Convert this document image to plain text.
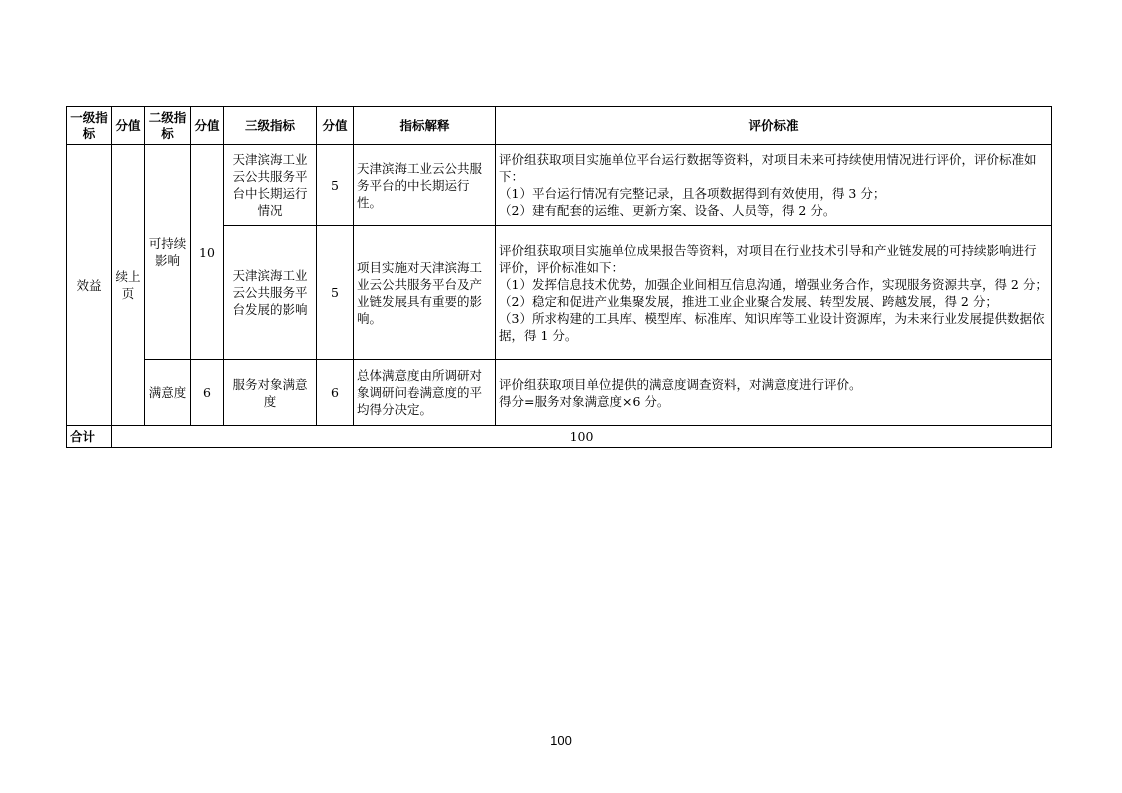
一级指标	分值	二级指标	分值	三级指标	分值	指标解释	评价标准
效益	续上页	可持续影响	10	天津滨海工业云公共服务平台中长期运行情况	5	天津滨海工业云公共服务平台的中长期运行性。	评价组获取项目实施单位平台运行数据等资料，对项目未来可持续使用情况进行评价，评价标准如下：
（1）平台运行情况有完整记录，且各项数据得到有效使用，得 3 分；
（2）建有配套的运维、更新方案、设备、人员等，得 2 分。

				天津滨海工业云公共服务平台发展的影响	5	项目实施对天津滨海工业云公共服务平台及产业链发展具有重要的影响。	评价组获取项目实施单位成果报告等资料，对项目在行业技术引导和产业链发展的可持续影响进行评价，评价标准如下：
（1）发挥信息技术优势，加强企业间相互信息沟通，增强业务合作，实现服务资源共享，得 2 分；
（2）稳定和促进产业集聚发展，推进工业企业聚合发展、转型发展、跨越发展，得 2 分；
（3）所求构建的工具库、模型库、标准库、知识库等工业设计资源库，为未来行业发展提供数据依据，得 1 分。

		满意度	6	服务对象满意度	6	总体满意度由所调研对象调研问卷满意度的平均得分决定。	评价组获取项目单位提供的满意度调查资料，对满意度进行评价。
得分=服务对象满意度×6 分。

合计	100						
100
